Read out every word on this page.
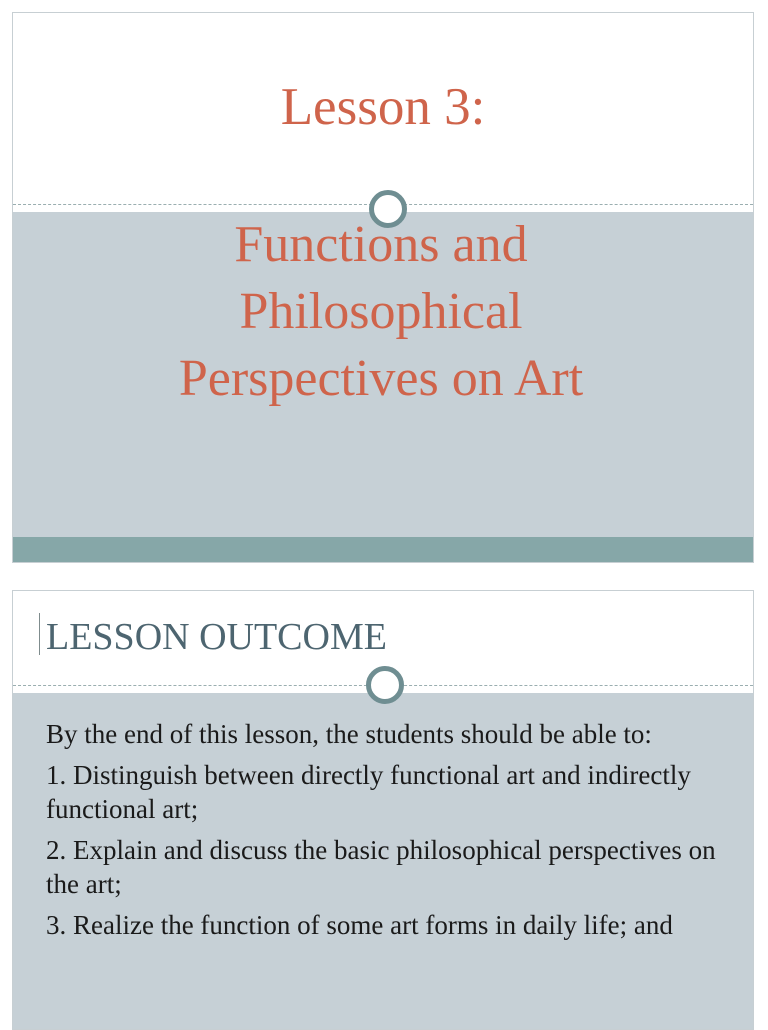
Lesson 3:
Functions and
Philosophical
Perspectives on Art
LESSON OUTCOME

By the end of this lesson, the students should be able to:

1. Distinguish between directly functional art and indirectly functional art;

2. Explain and discuss the basic philosophical perspectives on the art;

3. Realize the function of some art forms in daily life; and
